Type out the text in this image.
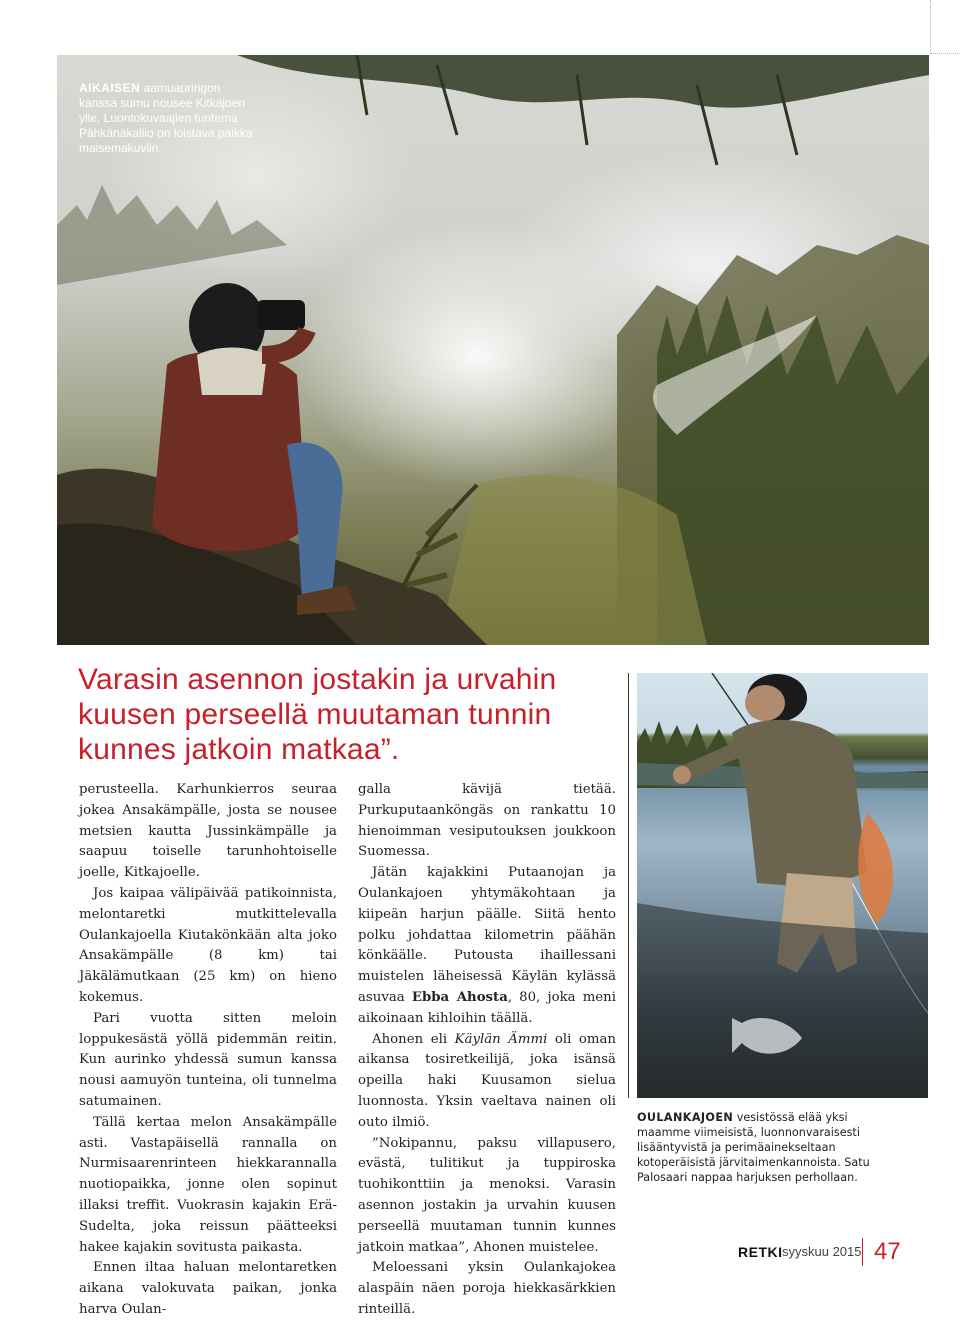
AIKAISEN aamuauringon kanssa sumu nousee Kitkajoen ylle. Luontokuvaajien tuntema Pähkänäkallio on loistava paikka maisemakuviin.
Varasin asennon jostakin ja urvahin kuusen perseellä muutaman tunnin kunnes jatkoin matkaa”.

perusteella. Karhunkierros seuraa jokea Ansakämpälle, josta se nousee metsien kautta Jussinkämpälle ja saapuu toiselle tarunhohtoiselle joelle, Kitkajoelle.

Jos kaipaa välipäivää patikoinnista, melontaretki mutkittelevalla Oulankajoella Kiutakönkään alta joko Ansakämpälle (8 km) tai Jäkälämutkaan (25 km) on hieno kokemus.

Pari vuotta sitten meloin loppukesästä yöllä pidemmän reitin. Kun aurinko yhdessä sumun kanssa nousi aamuyön tunteina, oli tunnelma satumainen.

Tällä kertaa melon Ansakämpälle asti. Vastapäisellä rannalla on Nurmisaarenrinteen hiekkarannalla nuotiopaikka, jonne olen sopinut illaksi treffit. Vuokrasin kajakin Erä-Sudelta, joka reissun päätteeksi hakee kajakin sovitusta paikasta.

Ennen iltaa haluan melontaretken aikana valokuvata paikan, jonka harva Oulan-

galla kävijä tietää. Purkuputaanköngäs on rankattu 10 hienoimman vesiputouksen joukkoon Suomessa.

Jätän kajakkini Putaanojan ja Oulankajoen yhtymäkohtaan ja kiipeän harjun päälle. Siitä hento polku johdattaa kilometrin päähän könkäälle. Putousta ihaillessani muistelen läheisessä Käylän kylässä asuvaa Ebba Ahosta, 80, joka meni aikoinaan kihloihin täällä.

Ahonen eli Käylän Ämmi oli oman aikansa tosiretkeilijä, joka isänsä opeilla haki Kuusamon sielua luonnosta. Yksin vaeltava nainen oli outo ilmiö.

”Nokipannu, paksu villapusero, evästä, tulitikut ja tuppiroska tuohikonttiin ja menoksi. Varasin asennon jostakin ja urvahin kuusen perseellä muutaman tunnin kunnes jatkoin matkaa”, Ahonen muistelee.

Meloessani yksin Oulankajokea alaspäin näen poroja hiekkasärkkien rinteillä.

OULANKAJOEN vesistössä elää yksi maamme viimeisistä, luonnonvaraisesti lisääntyvistä ja perimäainekseltaan kotoperäisistä järvitaimenkannoista. Satu Palosaari nappaa harjuksen perhollaan.
RETKI syyskuu 2015 47
